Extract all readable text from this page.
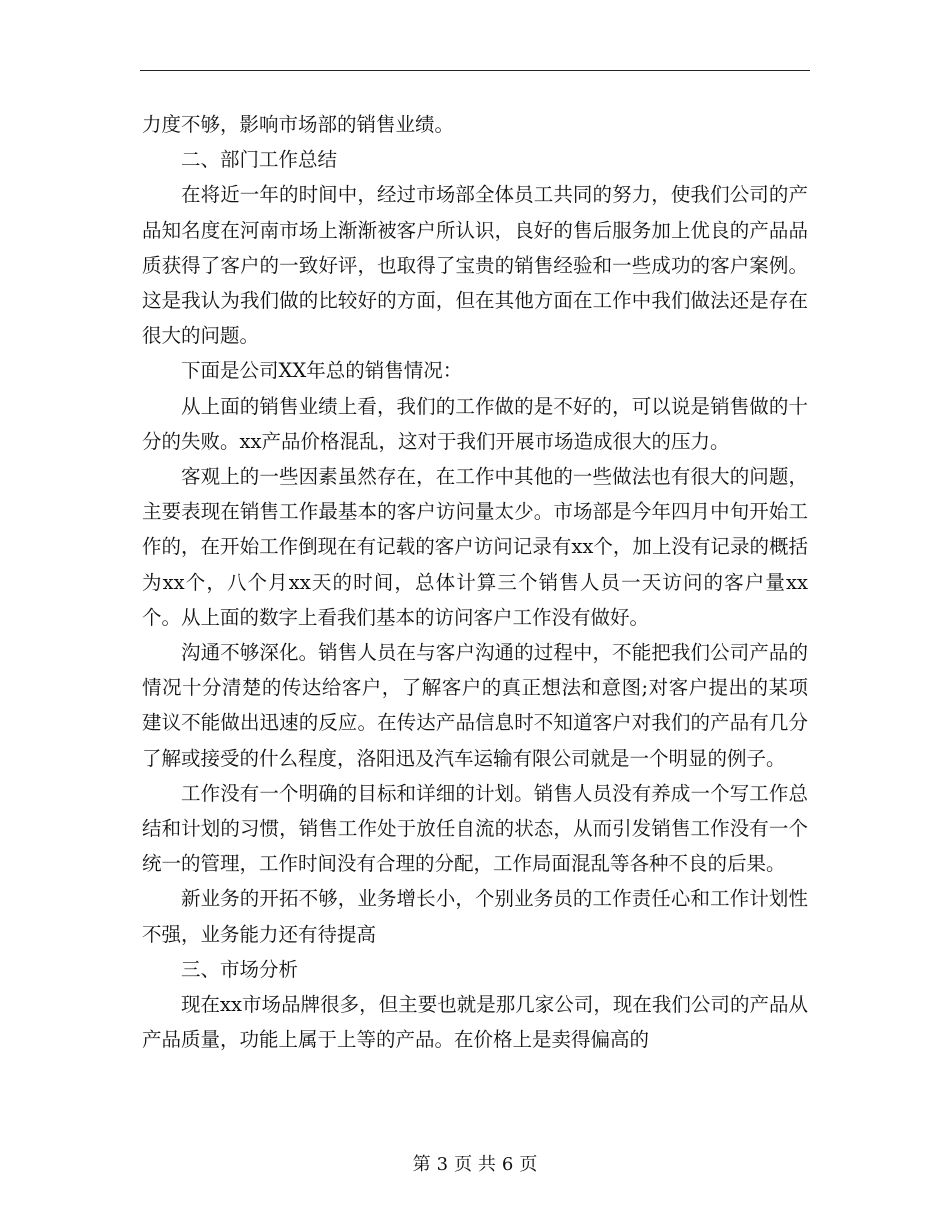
力度不够，影响市场部的销售业绩。

二、部门工作总结

在将近一年的时间中，经过市场部全体员工共同的努力，使我们公司的产品知名度在河南市场上渐渐被客户所认识，良好的售后服务加上优良的产品品质获得了客户的一致好评，也取得了宝贵的销售经验和一些成功的客户案例。这是我认为我们做的比较好的方面，但在其他方面在工作中我们做法还是存在很大的问题。

下面是公司XX年总的销售情况：

从上面的销售业绩上看，我们的工作做的是不好的，可以说是销售做的十分的失败。xx产品价格混乱，这对于我们开展市场造成很大的压力。

客观上的一些因素虽然存在，在工作中其他的一些做法也有很大的问题，主要表现在销售工作最基本的客户访问量太少。市场部是今年四月中旬开始工作的，在开始工作倒现在有记载的客户访问记录有xx个，加上没有记录的概括为xx个，八个月xx天的时间，总体计算三个销售人员一天访问的客户量xx个。从上面的数字上看我们基本的访问客户工作没有做好。

沟通不够深化。销售人员在与客户沟通的过程中，不能把我们公司产品的情况十分清楚的传达给客户，了解客户的真正想法和意图;对客户提出的某项建议不能做出迅速的反应。在传达产品信息时不知道客户对我们的产品有几分了解或接受的什么程度，洛阳迅及汽车运输有限公司就是一个明显的例子。

工作没有一个明确的目标和详细的计划。销售人员没有养成一个写工作总结和计划的习惯，销售工作处于放任自流的状态，从而引发销售工作没有一个统一的管理，工作时间没有合理的分配，工作局面混乱等各种不良的后果。

新业务的开拓不够，业务增长小，个别业务员的工作责任心和工作计划性不强，业务能力还有待提高

三、市场分析

现在xx市场品牌很多，但主要也就是那几家公司，现在我们公司的产品从产品质量，功能上属于上等的产品。在价格上是卖得偏高的

第 3 页 共 6 页
